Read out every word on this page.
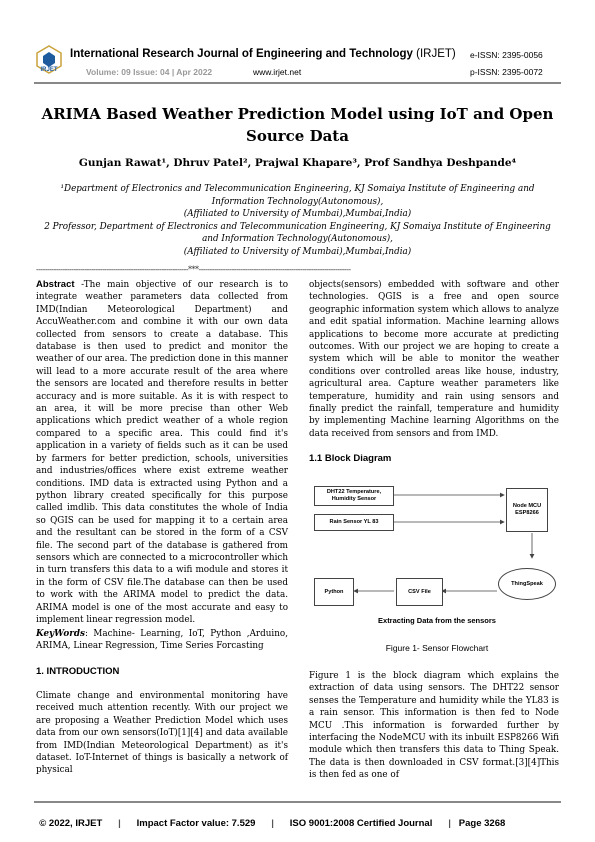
IRJET
International Research Journal of Engineering and Technology (IRJET)
Volume: 09 Issue: 04 | Apr 2022	www.irjet.net
e-ISSN: 2395-0056
p-ISSN: 2395-0072
ARIMA Based Weather Prediction Model using IoT and Open Source Data
Gunjan Rawat¹, Dhruv Patel², Prajwal Khapare³, Prof Sandhya Deshpande⁴
¹Department of Electronics and Telecommunication Engineering, KJ Somaiya Institute of Engineering and Information Technology(Autonomous),
(Affiliated to University of Mumbai),Mumbai,India)
2 Professor, Department of Electronics and Telecommunication Engineering, KJ Somaiya Institute of Engineering and Information Technology(Autonomous),
(Affiliated to University of Mumbai),Mumbai,India)
---------------------------------------------------------------------***---------------------------------------------------------------------
Abstract -The main objective of our research is to integrate weather parameters data collected from IMD(Indian Meteorological Department) and AccuWeather.com and combine it with our own data collected from sensors to create a database. This database is then used to predict and monitor the weather of our area. The prediction done in this manner will lead to a more accurate result of the area where the sensors are located and therefore results in better accuracy and is more suitable. As it is with respect to an area, it will be more precise than other Web applications which predict weather of a whole region compared to a specific area. This could find it's application in a variety of fields such as it can be used by farmers for better prediction, schools, universities and industries/offices where exist extreme weather conditions. IMD data is extracted using Python and a python library created specifically for this purpose called imdlib. This data constitutes the whole of India so QGIS can be used for mapping it to a certain area and the resultant can be stored in the form of a CSV file. The second part of the database is gathered from sensors which are connected to a microcontroller which in turn transfers this data to a wifi module and stores it in the form of CSV file.The database can then be used to work with the ARIMA model to predict the data. ARIMA model is one of the most accurate and easy to implement linear regression model.
KeyWords: Machine- Learning, IoT, Python ,Arduino, ARIMA, Linear Regression, Time Series Forcasting
1. INTRODUCTION
Climate change and environmental monitoring have received much attention recently. With our project we are proposing a Weather Prediction Model which uses data from our own sensors(IoT)[1][4] and data available from IMD(Indian Meteorological Department) as it's dataset. IoT-Internet of things is basically a network of physical
objects(sensors) embedded with software and other technologies. QGIS is a free and open source geographic information system which allows to analyze and edit spatial information. Machine learning allows applications to become more accurate at predicting outcomes. With our project we are hoping to create a system which will be able to monitor the weather conditions over controlled areas like house, industry, agricultural area. Capture weather parameters like temperature, humidity and rain using sensors and finally predict the rainfall, temperature and humidity by implementing Machine learning Algorithms on the data received from sensors and from IMD.
1.1 Block Diagram
DHT22 Temperature, Humidity Sensor
Rain Sensor YL 83
Node MCU ESP8266
Python	CSV File
ThingSpeak
Extracting Data from the sensors
Figure 1- Sensor Flowchart
Figure 1 is the block diagram which explains the extraction of data using sensors. The DHT22 sensor senses the Temperature and humidity while the YL83 is a rain sensor. This information is then fed to Node MCU .This information is forwarded further by interfacing the NodeMCU with its inbuilt ESP8266 Wifi module which then transfers this data to Thing Speak. The data is then downloaded in CSV format.[3][4]This is then fed as one of

© 2022, IRJET | Impact Factor value: 7.529 | ISO 9001:2008 Certified Journal | Page 3268
